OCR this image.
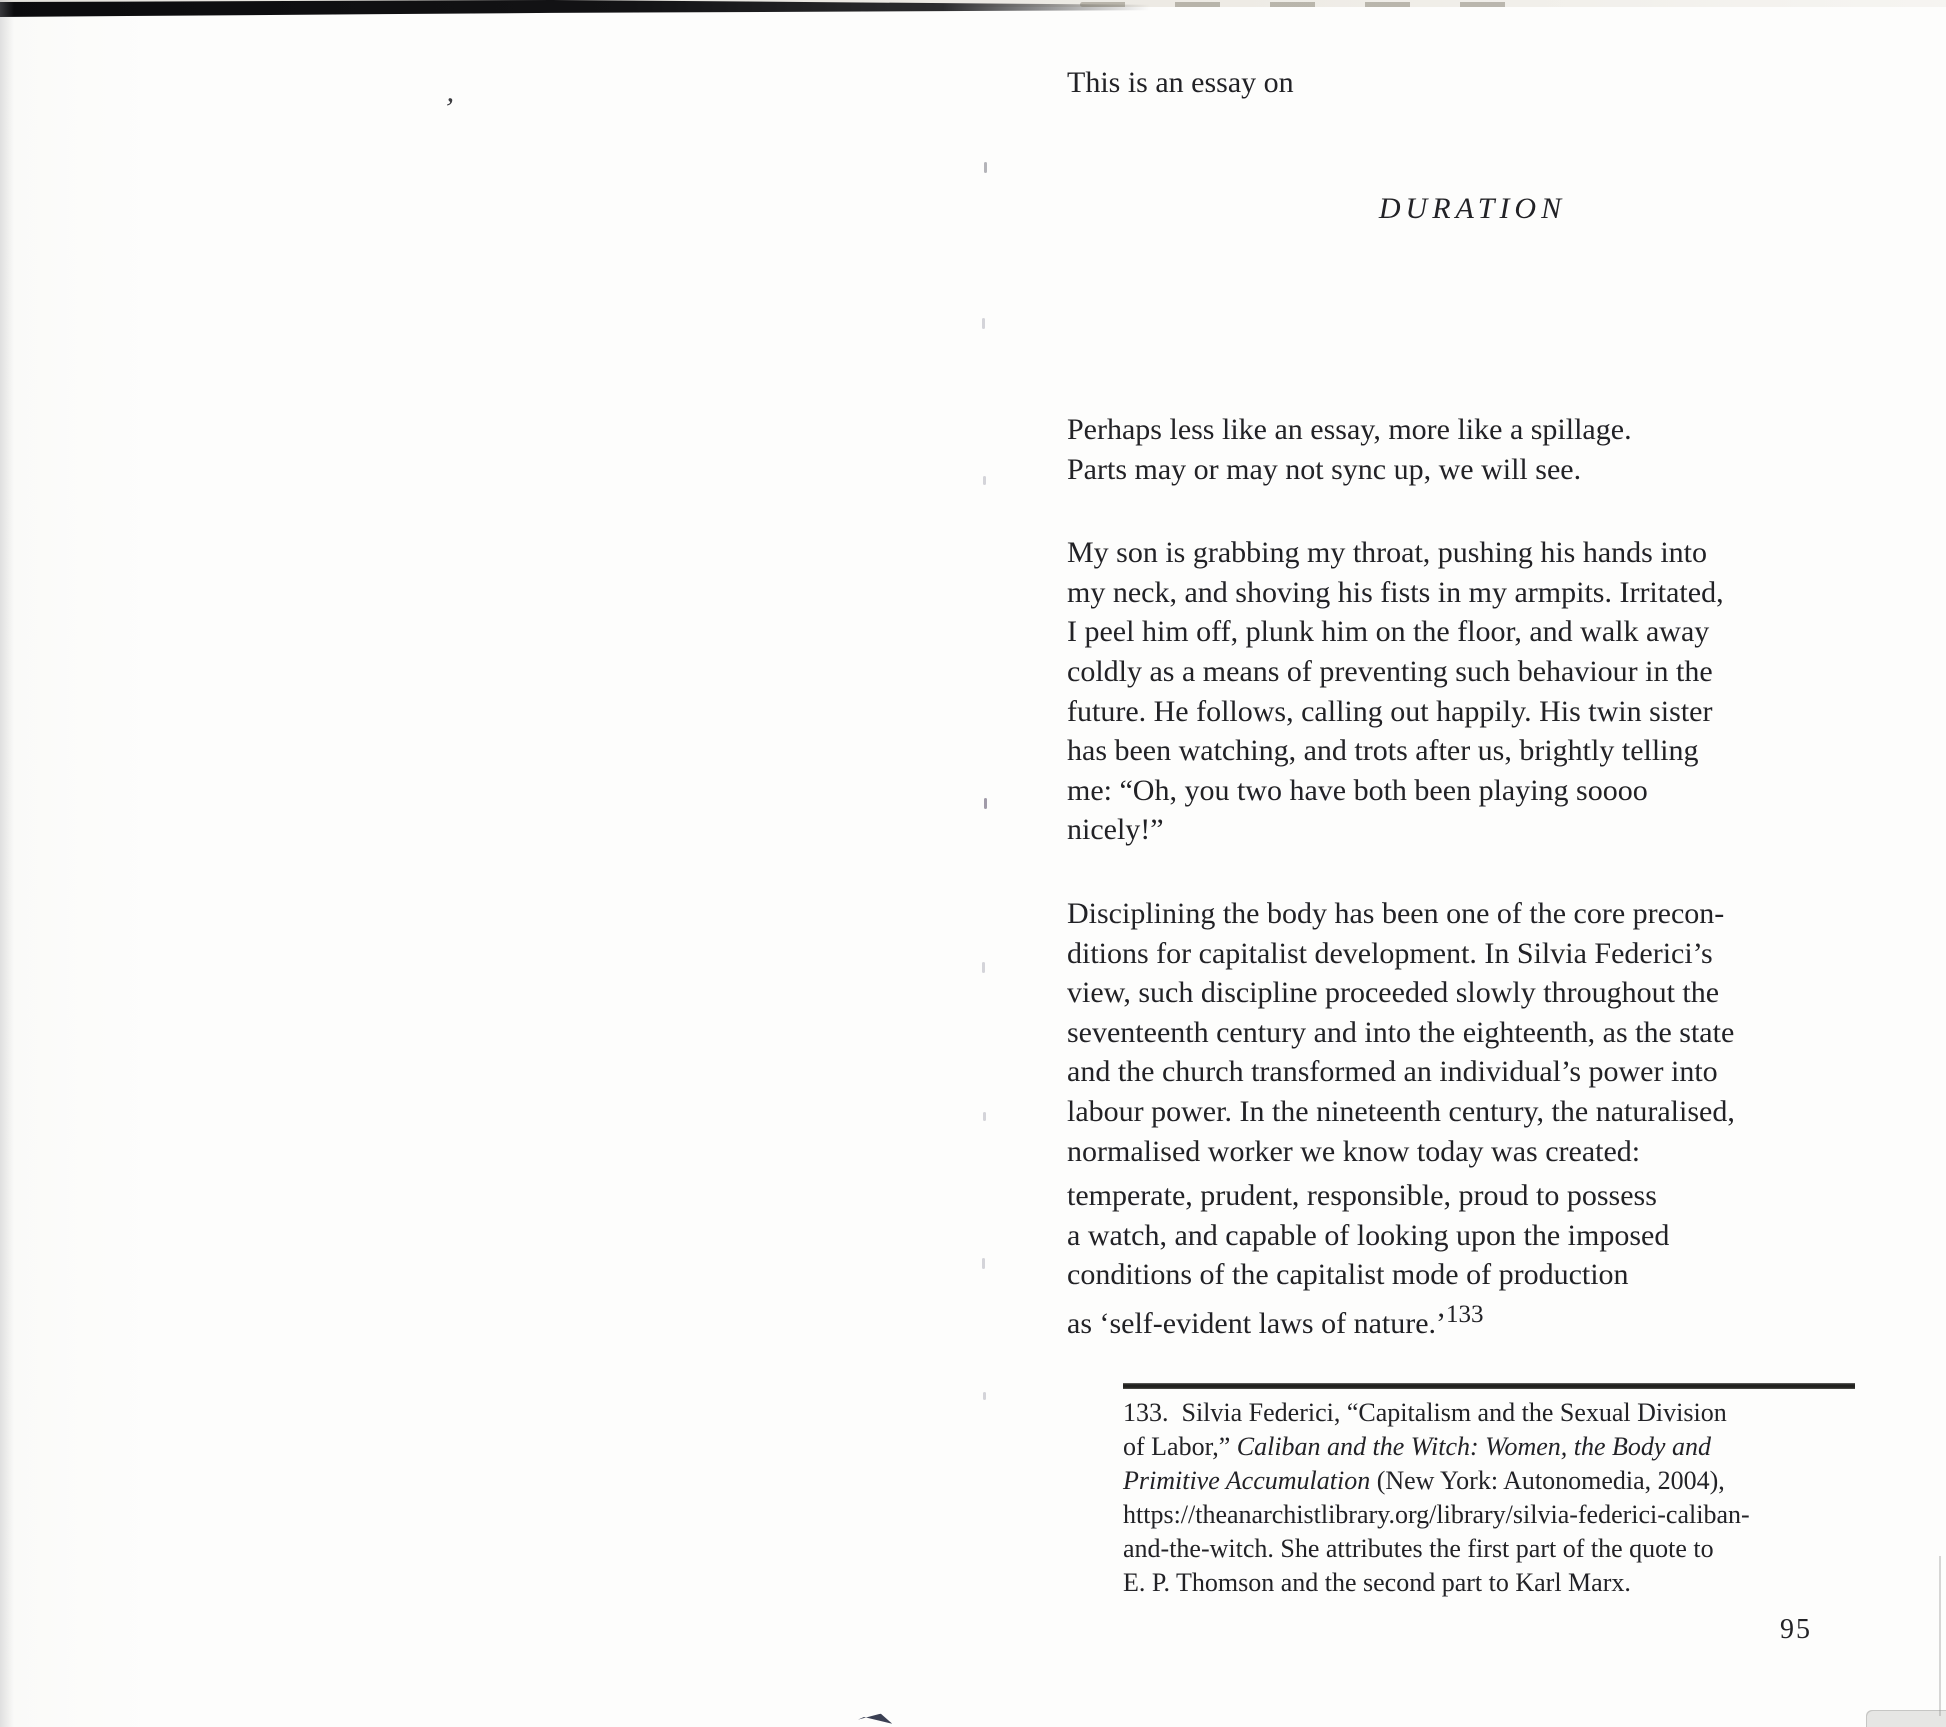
’
This is an essay on
DURATION

Perhaps less like an essay, more like a spillage.
Parts may or may not sync up, we will see.

My son is grabbing my throat, pushing his hands into
my neck, and shoving his fists in my armpits. Irritated,
I peel him off, plunk him on the floor, and walk away
coldly as a means of preventing such behaviour in the
future. He follows, calling out happily. His twin sister
has been watching, and trots after us, brightly telling
me: “Oh, you two have both been playing soooo
nicely!”

Disciplining the body has been one of the core precon-
ditions for capitalist development. In Silvia Federici’s
view, such discipline proceeded slowly throughout the
seventeenth century and into the eighteenth, as the state
and the church transformed an individual’s power into
labour power. In the nineteenth century, the naturalised,
normalised worker we know today was created:

temperate, prudent, responsible, proud to possess
a watch, and capable of looking upon the imposed
conditions of the capitalist mode of production
as ‘self-evident laws of nature.’$^{133}$

133.  Silvia Federici, “Capitalism and the Sexual Division
of Labor,” Caliban and the Witch: Women, the Body and
Primitive Accumulation (New York: Autonomedia, 2004),
https://theanarchistlibrary.org/library/silvia-federici-caliban-
and-the-witch. She attributes the first part of the quote to
E. P. Thomson and the second part to Karl Marx.
95
